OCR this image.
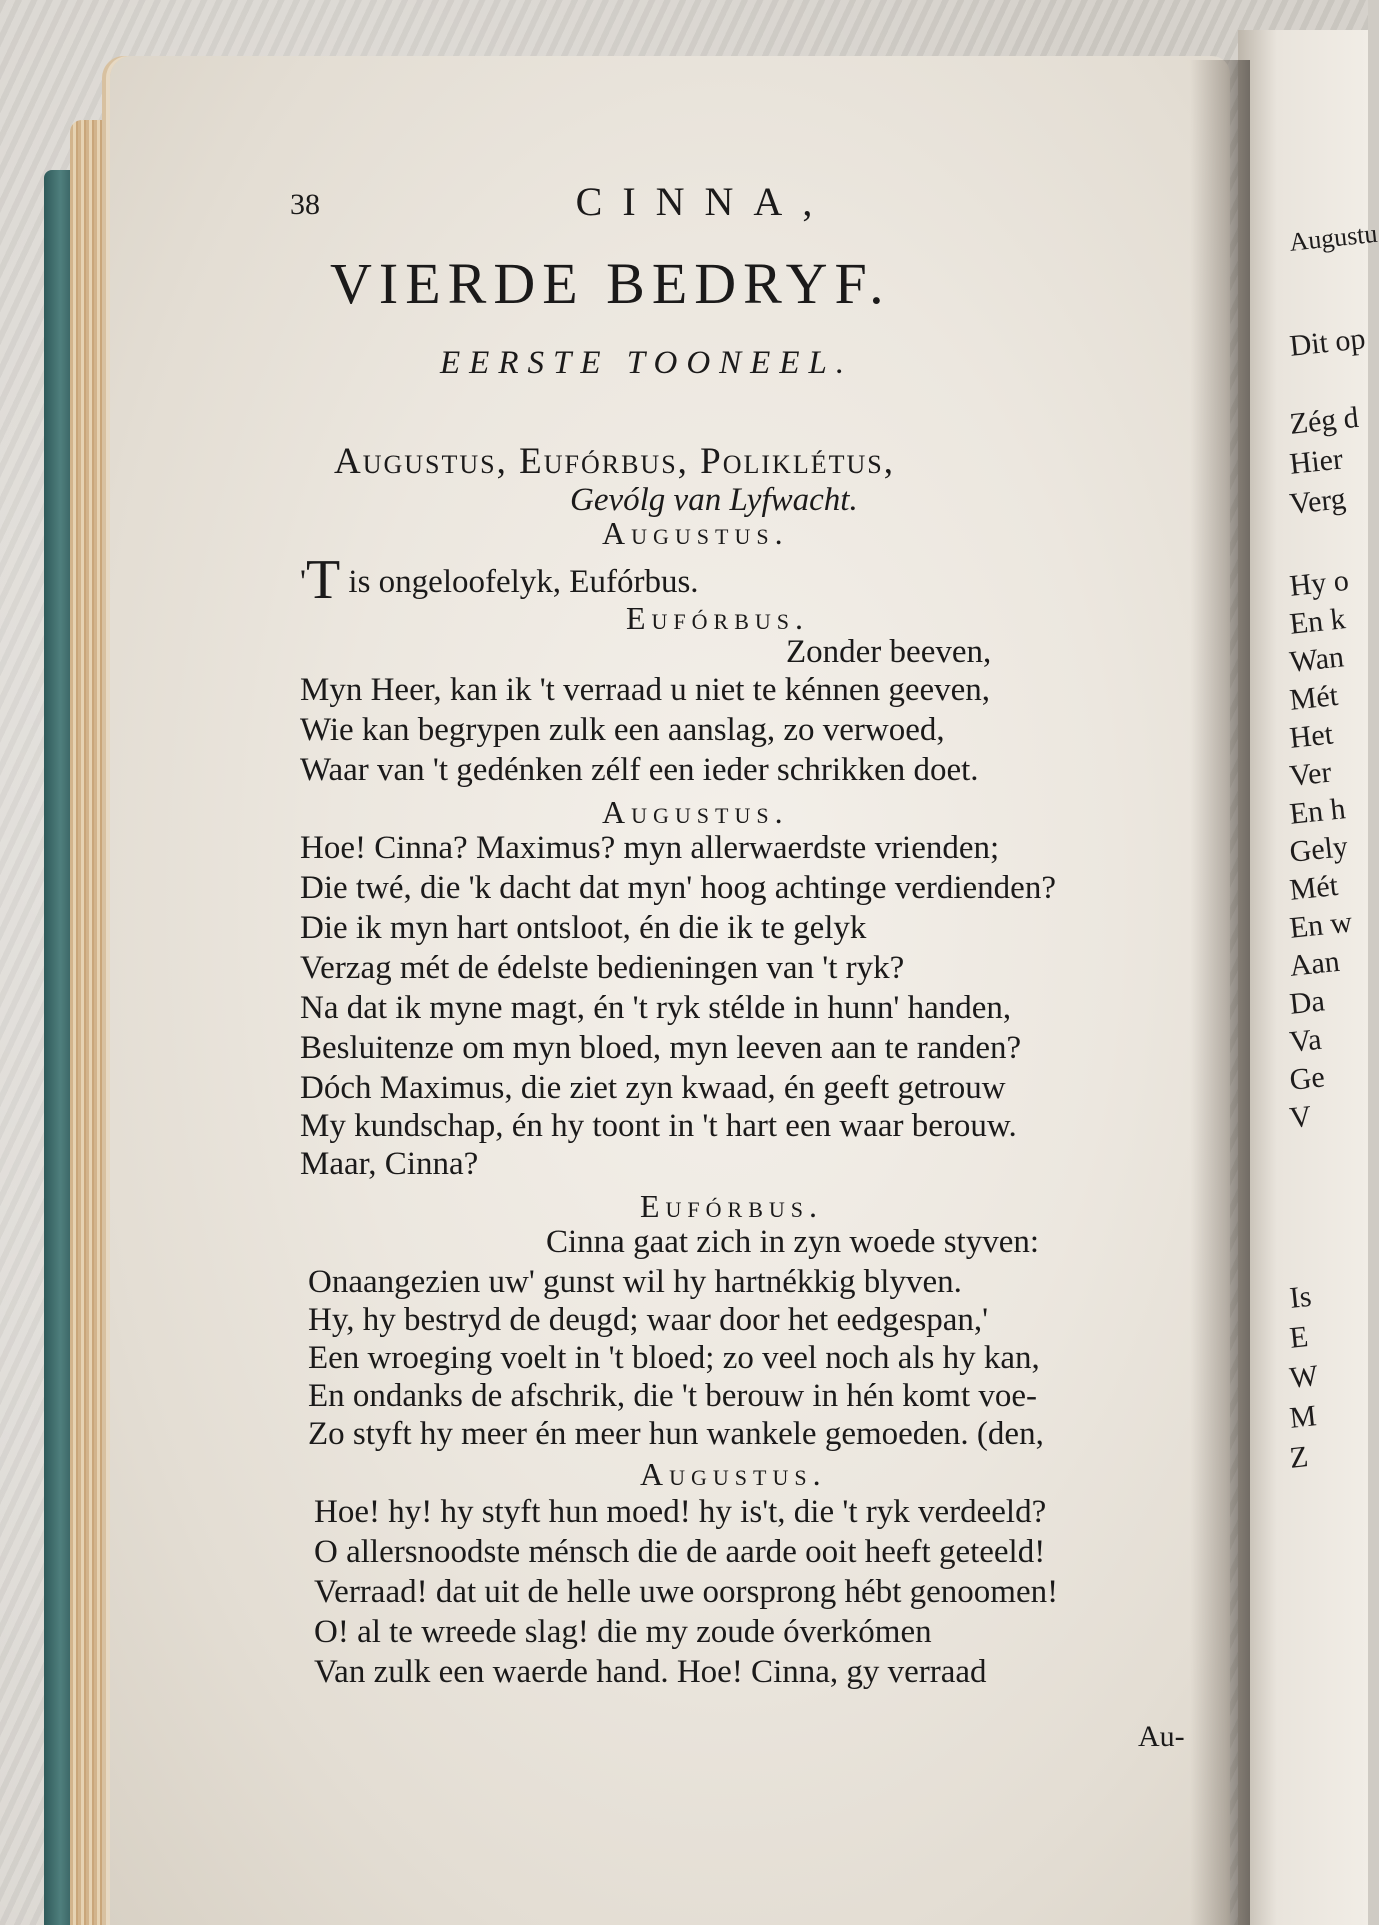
Augustu
Dit op
Zég d
Hier
Verg
Hy o
En k
Wan
Mét
Het
Ver
En h
Gely
Mét
En w
Aan
Da
Va
Ge
V
Is
E
W
M
Z
38	CINNA,
VIERDE BEDRYF.
EERSTE TOONEEL.
Augustus, Eufórbus, Poliklétus,
Gevólg van Lyfwacht.
Augustus.
'T is ongeloofelyk, Eufórbus.
Eufórbus.
Zonder beeven,
Myn Heer, kan ik 't verraad u niet te kénnen geeven,
Wie kan begrypen zulk een aanslag, zo verwoed,
Waar van 't gedénken zélf een ieder schrikken doet.
Augustus.
Hoe! Cinna? Maximus? myn allerwaerdste vrienden;
Die twé, die 'k dacht dat myn' hoog achtinge verdienden?
Die ik myn hart ontsloot, én die ik te gelyk
Verzag mét de édelste bedieningen van 't ryk?
Na dat ik myne magt, én 't ryk stélde in hunn' handen,
Besluitenze om myn bloed, myn leeven aan te randen?
Dóch Maximus, die ziet zyn kwaad, én geeft getrouw
My kundschap, én hy toont in 't hart een waar berouw.
Maar, Cinna?
Eufórbus.
Cinna gaat zich in zyn woede styven:
Onaangezien uw' gunst wil hy hartnékkig blyven.
Hy, hy bestryd de deugd; waar door het eedgespan,'
Een wroeging voelt in 't bloed; zo veel noch als hy kan,
En ondanks de afschrik, die 't berouw in hén komt voe-
Zo styft hy meer én meer hun wankele gemoeden. (den,
Augustus.
Hoe! hy! hy styft hun moed! hy is't, die 't ryk verdeeld?
O allersnoodste ménsch die de aarde ooit heeft geteeld!
Verraad! dat uit de helle uwe oorsprong hébt genoomen!
O! al te wreede slag! die my zoude óverkómen
Van zulk een waerde hand. Hoe! Cinna, gy verraad
Au-
